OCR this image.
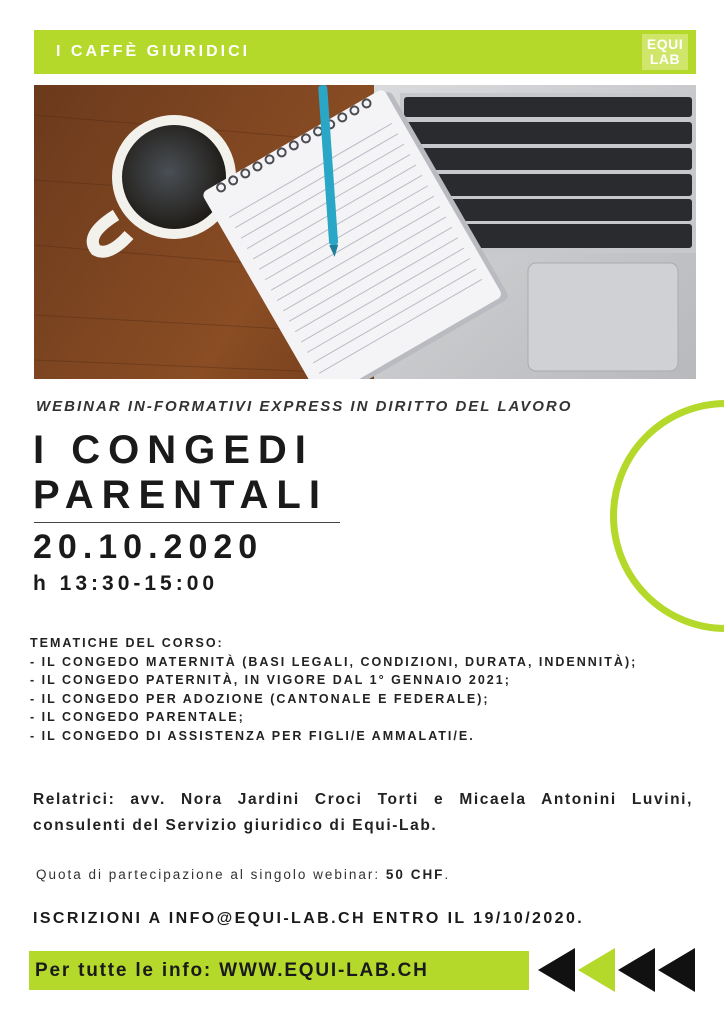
I CAFFÈ GIURIDICI	EQUI
LAB
WEBINAR IN-FORMATIVI EXPRESS IN DIRITTO DEL LAVORO
I CONGEDI
PARENTALI
20.10.2020
h 13:30-15:00
TEMATICHE DEL CORSO:
- IL CONGEDO MATERNITÀ (BASI LEGALI, CONDIZIONI, DURATA, INDENNITÀ);
- IL CONGEDO PATERNITÀ, IN VIGORE DAL 1° GENNAIO 2021;
- IL CONGEDO PER ADOZIONE (CANTONALE E FEDERALE);
- IL CONGEDO PARENTALE;
- IL CONGEDO DI ASSISTENZA PER FIGLI/E AMMALATI/E.
Relatrici: avv. Nora Jardini Croci Torti e Micaela Antonini Luvini, consulenti del Servizio giuridico di Equi-Lab.
Quota di partecipazione al singolo webinar: 50 CHF.
ISCRIZIONI A INFO@EQUI-LAB.CH ENTRO IL 19/10/2020.
Per tutte le info: WWW.EQUI-LAB.CH
